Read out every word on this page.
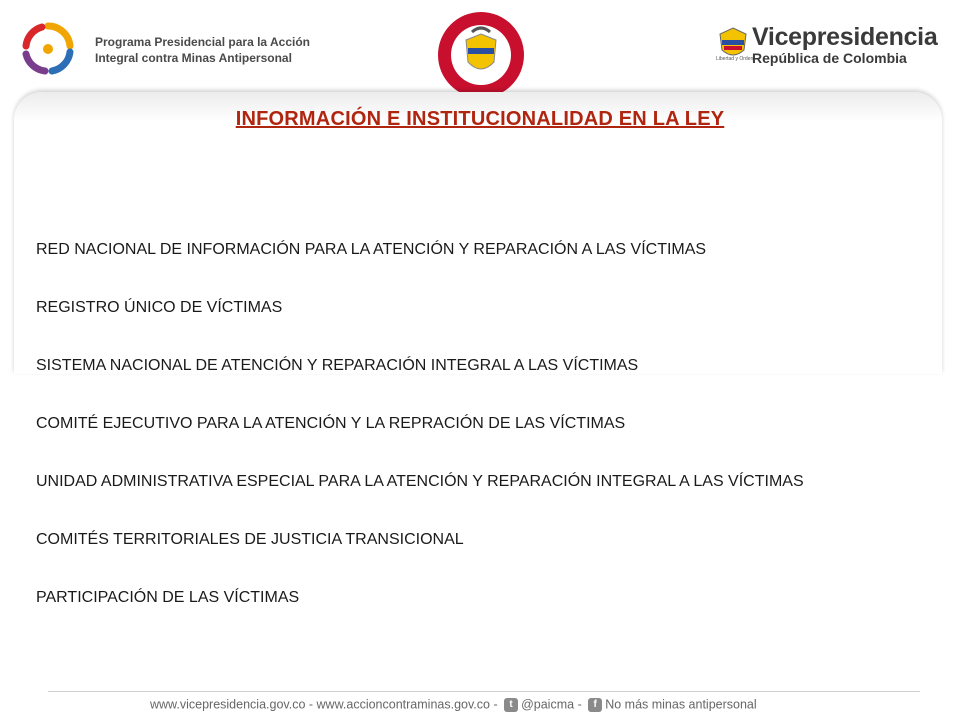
Programa Presidencial para la Acción
Integral contra Minas Antipersonal
Vicepresidencia
República de Colombia
Libertad y Orden
INFORMACIÓN E INSTITUCIONALIDAD EN LA LEY
RED NACIONAL DE INFORMACIÓN PARA LA ATENCIÓN Y REPARACIÓN A LAS VÍCTIMAS
REGISTRO ÚNICO DE VÍCTIMAS
SISTEMA NACIONAL DE ATENCIÓN Y REPARACIÓN INTEGRAL A LAS VÍCTIMAS
COMITÉ EJECUTIVO PARA LA ATENCIÓN Y LA REPRACIÓN DE LAS VÍCTIMAS
UNIDAD ADMINISTRATIVA ESPECIAL PARA LA ATENCIÓN Y REPARACIÓN INTEGRAL A LAS VÍCTIMAS
COMITÉS TERRITORIALES DE JUSTICIA TRANSICIONAL
PARTICIPACIÓN DE LAS VÍCTIMAS
www.vicepresidencia.gov.co - www.accioncontraminas.gov.co - t @paicma - f No más minas antipersonal
